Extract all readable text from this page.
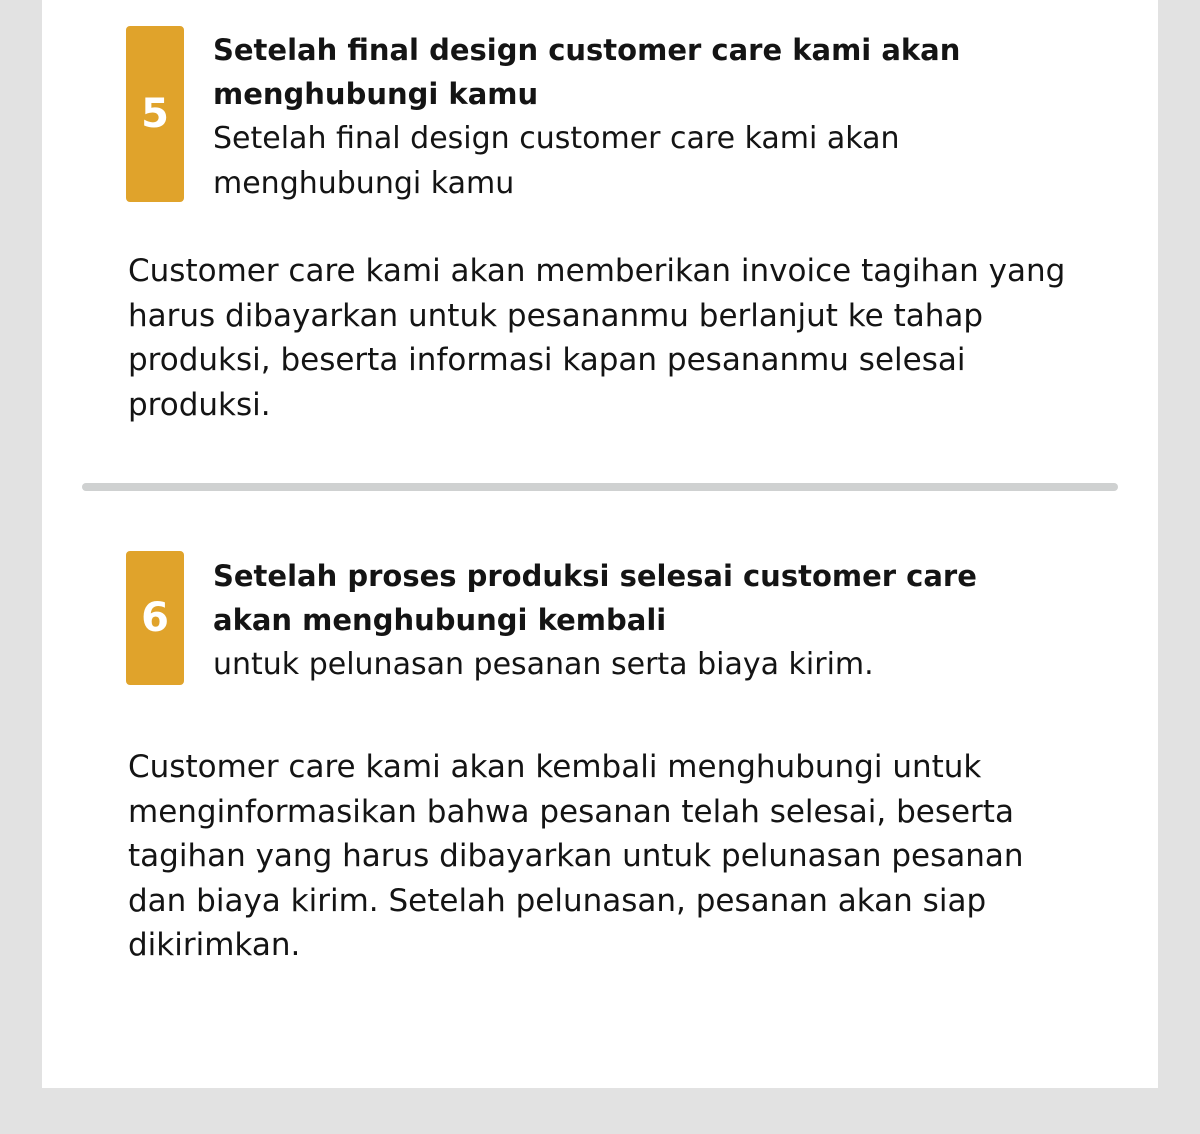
5

Setelah final design customer care kami akan menghubungi kamu

Setelah final design customer care kami akan menghubungi kamu

Customer care kami akan memberikan invoice tagihan yang harus dibayarkan untuk pesananmu berlanjut ke tahap produksi, beserta informasi kapan pesananmu selesai produksi.

6

Setelah proses produksi selesai customer care akan menghubungi kembali

untuk pelunasan pesanan serta biaya kirim.

Customer care kami akan kembali menghubungi untuk menginformasikan bahwa pesanan telah selesai, beserta tagihan yang harus dibayarkan untuk pelunasan pesanan dan biaya kirim. Setelah pelunasan, pesanan akan siap dikirimkan.
